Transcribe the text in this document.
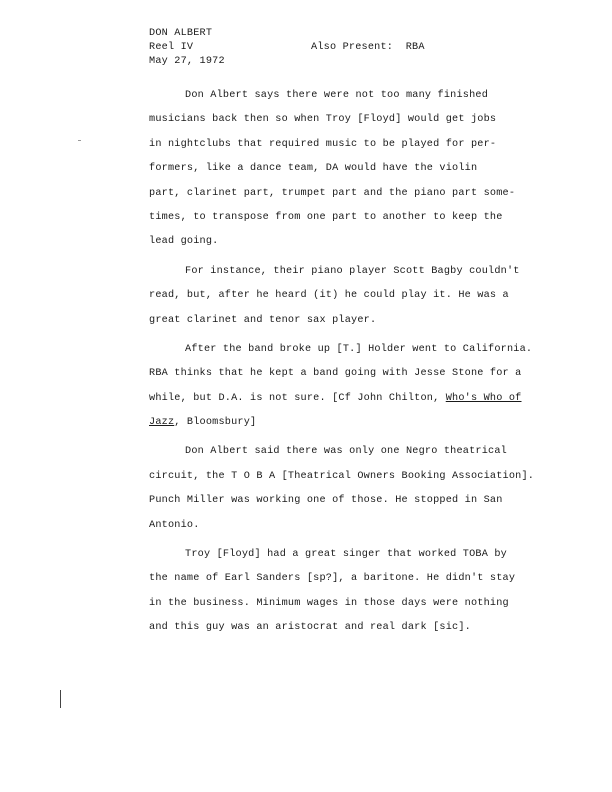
DON ALBERT
Reel IV	Also Present: RBA
May 27, 1972
Don Albert says there were not too many finished
musicians back then so when Troy [Floyd] would get jobs
in nightclubs that required music to be played for per-
formers, like a dance team, DA would have the violin
part, clarinet part, trumpet part and the piano part some-
times, to transpose from one part to another to keep the
lead going.
For instance, their piano player Scott Bagby couldn't
read, but, after he heard (it) he could play it. He was a
great clarinet and tenor sax player.
After the band broke up [T.] Holder went to California.
RBA thinks that he kept a band going with Jesse Stone for a
while, but D.A. is not sure. [Cf John Chilton, Who's Who of
Jazz, Bloomsbury]
Don Albert said there was only one Negro theatrical
circuit, the T O B A [Theatrical Owners Booking Association].
Punch Miller was working one of those. He stopped in San
Antonio.
Troy [Floyd] had a great singer that worked TOBA by
the name of Earl Sanders [sp?], a baritone. He didn't stay
in the business. Minimum wages in those days were nothing
and this guy was an aristocrat and real dark [sic].
